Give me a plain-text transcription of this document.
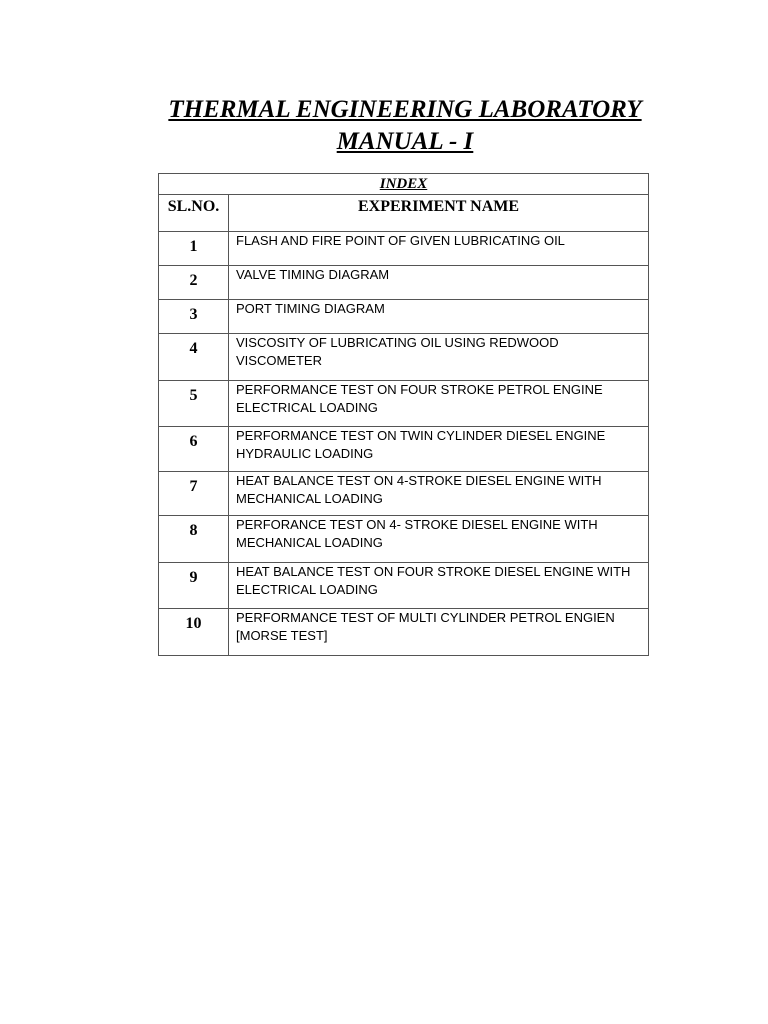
THERMAL ENGINEERING LABORATORY
MANUAL - I
INDEX	
SL.NO.	EXPERIMENT NAME
1	FLASH AND FIRE POINT OF GIVEN LUBRICATING OIL

2	VALVE TIMING DIAGRAM

3	PORT TIMING DIAGRAM

4	VISCOSITY OF LUBRICATING OIL USING REDWOOD VISCOMETER

5	PERFORMANCE TEST ON FOUR STROKE PETROL ENGINE ELECTRICAL LOADING

6	PERFORMANCE TEST ON TWIN CYLINDER DIESEL ENGINE HYDRAULIC LOADING

7	HEAT BALANCE TEST ON 4-STROKE DIESEL ENGINE WITH MECHANICAL LOADING

8	PERFORANCE TEST ON 4- STROKE DIESEL ENGINE WITH MECHANICAL LOADING

9	HEAT BALANCE TEST ON FOUR STROKE DIESEL ENGINE WITH ELECTRICAL LOADING

10	PERFORMANCE TEST OF MULTI CYLINDER PETROL ENGIEN [MORSE TEST]
